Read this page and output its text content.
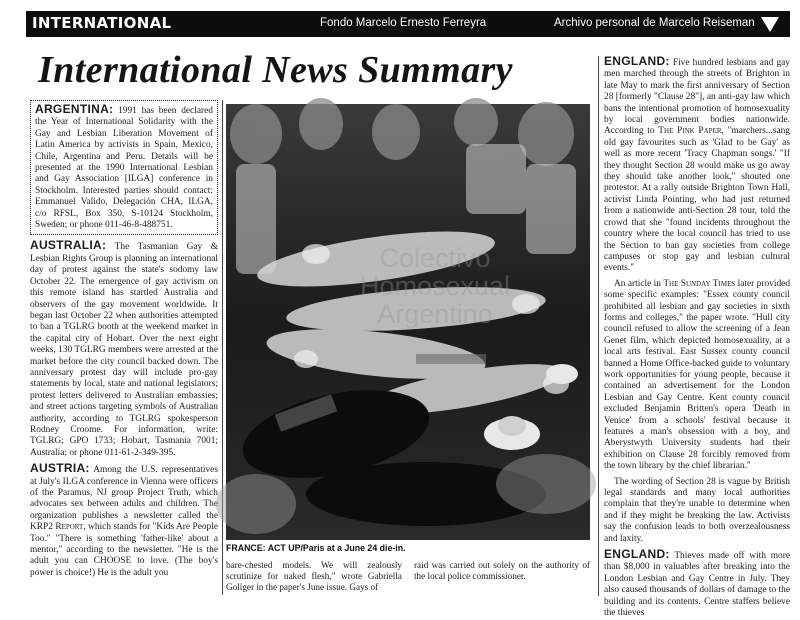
INTERNATIONAL	Fondo Marcelo Ernesto Ferreyra	Archivo personal de Marcelo Reiseman
International News Summary
ARGENTINA: 1991 has been declared the Year of International Solidarity with the Gay and Lesbian Liberation Movement of Latin America by activists in Spain, Mexico, Chile, Argentina and Peru. Details will be presented at the 1990 International Lesbian and Gay Association [ILGA] conference in Stockholm. Interested parties should contact: Emmanuel Valido, Delegación CHA, ILGA, c/o RFSL, Box 350, S-10124 Stockholm, Sweden; or phone 011-46-8-488751.

AUSTRALIA: The Tasmanian Gay & Lesbian Rights Group is planning an international day of protest against the state's sodomy law October 22. The emergence of gay activism on this remote island has startled Australia and observers of the gay movement worldwide. It began last October 22 when authorities attempted to ban a TGLRG booth at the weekend market in the capital city of Hobart. Over the next eight weeks, 130 TGLRG members were arrested at the market before the city council backed down. The anniversary protest day will include pro-gay statements by local, state and national legislators; protest letters delivered to Australian embassies; and street actions targeting symbols of Australian authority, according to TGLRG spokesperson Rodney Croome. For information, write: TGLRG; GPO 1733; Hobart, Tasmania 7001; Australia; or phone 011-61-2-349-395.

AUSTRIA: Among the U.S. representatives at July's ILGA conference in Vienna were officers of the Paramus, NJ group Project Truth, which advocates sex between adults and children. The organization publishes a newsletter called the KRP2 Report, which stands for "Kids Are People Too." "There is something 'father-like' about a mentor," according to the newsletter. "He is the adult you can CHOOSE to love. (The boy's power is choice!) He is the adult you

Colectivo
Homosexual
Argentino
FRANCE: ACT UP/Paris at a June 24 die-in.
bare-chested models. We will zealously scrutinize for naked flesh," wrote Gabriella Goliger in the paper's June issue. Gays of
raid was carried out solely on the authority of the local police commissioner.

ENGLAND: Five hundred lesbians and gay men marched through the streets of Brighton in late May to mark the first anniversary of Section 28 [formerly "Clause 28"], an anti-gay law which bans the intentional promotion of homosexuality by local government bodies nationwide. According to The Pink Paper, "marchers...sang old gay favourites such as 'Glad to be Gay' as well as more recent 'Tracy Chapman songs.' "If they thought Section 28 would make us go away they should take another look," shouted one protestor. At a rally outside Brighton Town Hall, activist Linda Pointing, who had just returned from a nationwide anti-Section 28 tour, told the crowd that she "found incidents throughout the country where the local council has tried to use the Section to ban gay societies from college campuses or stop gay and lesbian cultural events."

An article in The Sunday Times later provided some specific examples: "Essex county council prohibited all lesbian and gay societies in sixth forms and colleges," the paper wrote. "Hull city council refused to allow the screening of a Jean Genet film, which depicted homosexuality, at a local arts festival. East Sussex county council banned a Home Office-backed guide to voluntary work opportunities for young people, because it contained an advertisement for the London Lesbian and Gay Centre. Kent county council excluded Benjamin Britten's opera 'Death in Venice' from a schools' festival because it features a man's obsession with a boy, and Aberystwyth University students had their exhibition on Clause 28 forcibly removed from the town library by the chief librarian."

The wording of Section 28 is vague by British legal standards and many local authorities complain that they're unable to determine when and if they might be breaking the law. Activists say the confusion leads to both overzealousness and laxity.

ENGLAND: Thieves made off with more than $8,000 in valuables after breaking into the London Lesbian and Gay Centre in July. They also caused thousands of dollars of damage to the building and its contents. Centre staffers believe the thieves
